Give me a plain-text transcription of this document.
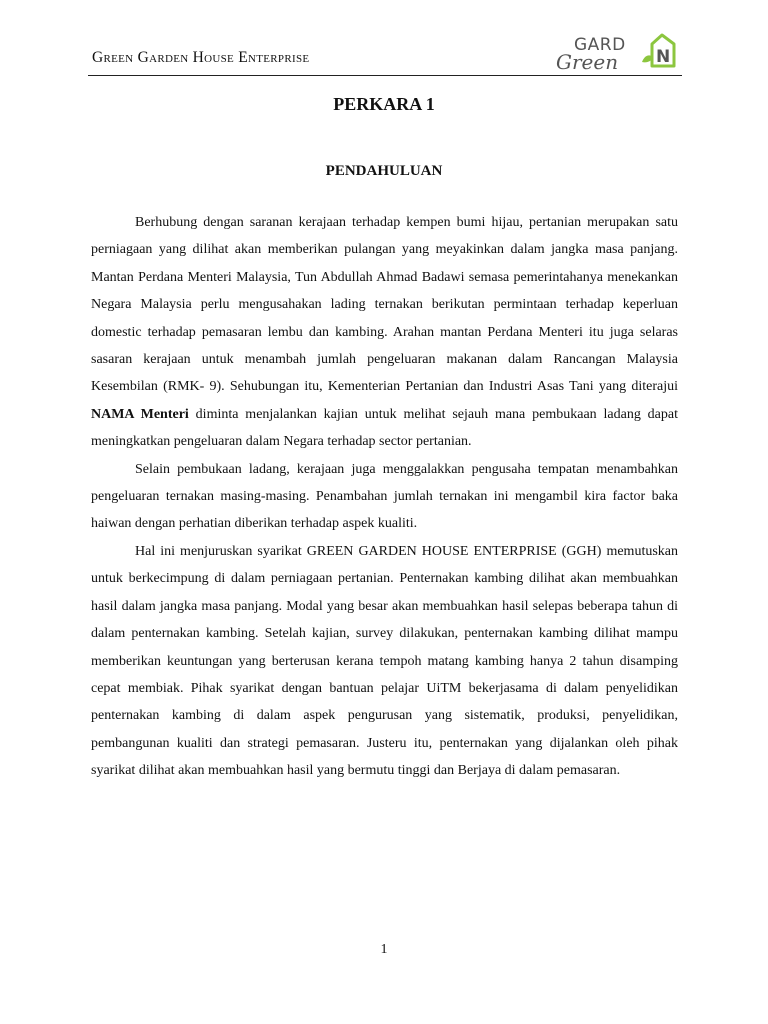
Green Garden House Enterprise
GARD
Green N
PERKARA 1
PENDAHULUAN

Berhubung dengan saranan kerajaan terhadap kempen bumi hijau, pertanian merupakan satu perniagaan yang dilihat akan memberikan pulangan yang meyakinkan dalam jangka masa panjang. Mantan Perdana Menteri Malaysia, Tun Abdullah Ahmad Badawi semasa pemerintahanya menekankan Negara Malaysia perlu mengusahakan lading ternakan berikutan permintaan terhadap keperluan domestic terhadap pemasaran lembu dan kambing. Arahan mantan Perdana Menteri itu juga selaras sasaran kerajaan untuk menambah jumlah pengeluaran makanan dalam Rancangan Malaysia Kesembilan (RMK- 9). Sehubungan itu, Kementerian Pertanian dan Industri Asas Tani yang diterajui NAMA Menteri diminta menjalankan kajian untuk melihat sejauh mana pembukaan ladang dapat meningkatkan pengeluaran dalam Negara terhadap sector pertanian.

Selain pembukaan ladang, kerajaan juga menggalakkan pengusaha tempatan menambahkan pengeluaran ternakan masing-masing. Penambahan jumlah ternakan ini mengambil kira factor baka haiwan dengan perhatian diberikan terhadap aspek kualiti.

Hal ini menjuruskan syarikat GREEN GARDEN HOUSE ENTERPRISE (GGH) memutuskan untuk berkecimpung di dalam perniagaan pertanian. Penternakan kambing dilihat akan membuahkan hasil dalam jangka masa panjang. Modal yang besar akan membuahkan hasil selepas beberapa tahun di dalam penternakan kambing. Setelah kajian, survey dilakukan, penternakan kambing dilihat mampu memberikan keuntungan yang berterusan kerana tempoh matang kambing hanya 2 tahun disamping cepat membiak. Pihak syarikat dengan bantuan pelajar UiTM bekerjasama di dalam penyelidikan penternakan kambing di dalam aspek pengurusan yang sistematik, produksi, penyelidikan, pembangunan kualiti dan strategi pemasaran. Justeru itu, penternakan yang dijalankan oleh pihak syarikat dilihat akan membuahkan hasil yang bermutu tinggi dan Berjaya di dalam pemasaran.

1
